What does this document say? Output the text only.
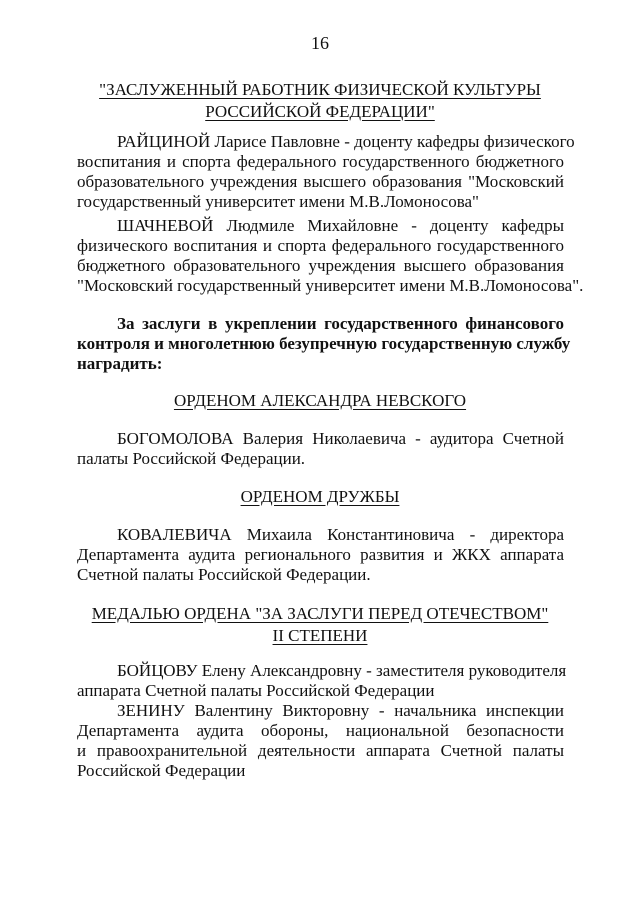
16
"ЗАСЛУЖЕННЫЙ РАБОТНИК ФИЗИЧЕСКОЙ КУЛЬТУРЫ
РОССИЙСКОЙ ФЕДЕРАЦИИ"
РАЙЦИНОЙ Ларисе Павловне - доценту кафедры физического
воспитания и спорта федерального государственного бюджетного
образовательного учреждения высшего образования "Московский
государственный университет имени М.В.Ломоносова"
ШАЧНЕВОЙ Людмиле Михайловне - доценту кафедры
физического воспитания и спорта федерального государственного
бюджетного образовательного учреждения высшего образования
"Московский государственный университет имени М.В.Ломоносова".
За заслуги в укреплении государственного финансового
контроля и многолетнюю безупречную государственную службу
наградить:
ОРДЕНОМ АЛЕКСАНДРА НЕВСКОГО
БОГОМОЛОВА Валерия Николаевича - аудитора Счетной
палаты Российской Федерации.
ОРДЕНОМ ДРУЖБЫ
КОВАЛЕВИЧА Михаила Константиновича - директора
Департамента аудита регионального развития и ЖКХ аппарата
Счетной палаты Российской Федерации.
МЕДАЛЬЮ ОРДЕНА "ЗА ЗАСЛУГИ ПЕРЕД ОТЕЧЕСТВОМ"
II СТЕПЕНИ
БОЙЦОВУ Елену Александровну - заместителя руководителя
аппарата Счетной палаты Российской Федерации
ЗЕНИНУ Валентину Викторовну - начальника инспекции
Департамента аудита обороны, национальной безопасности
и правоохранительной деятельности аппарата Счетной палаты
Российской Федерации
